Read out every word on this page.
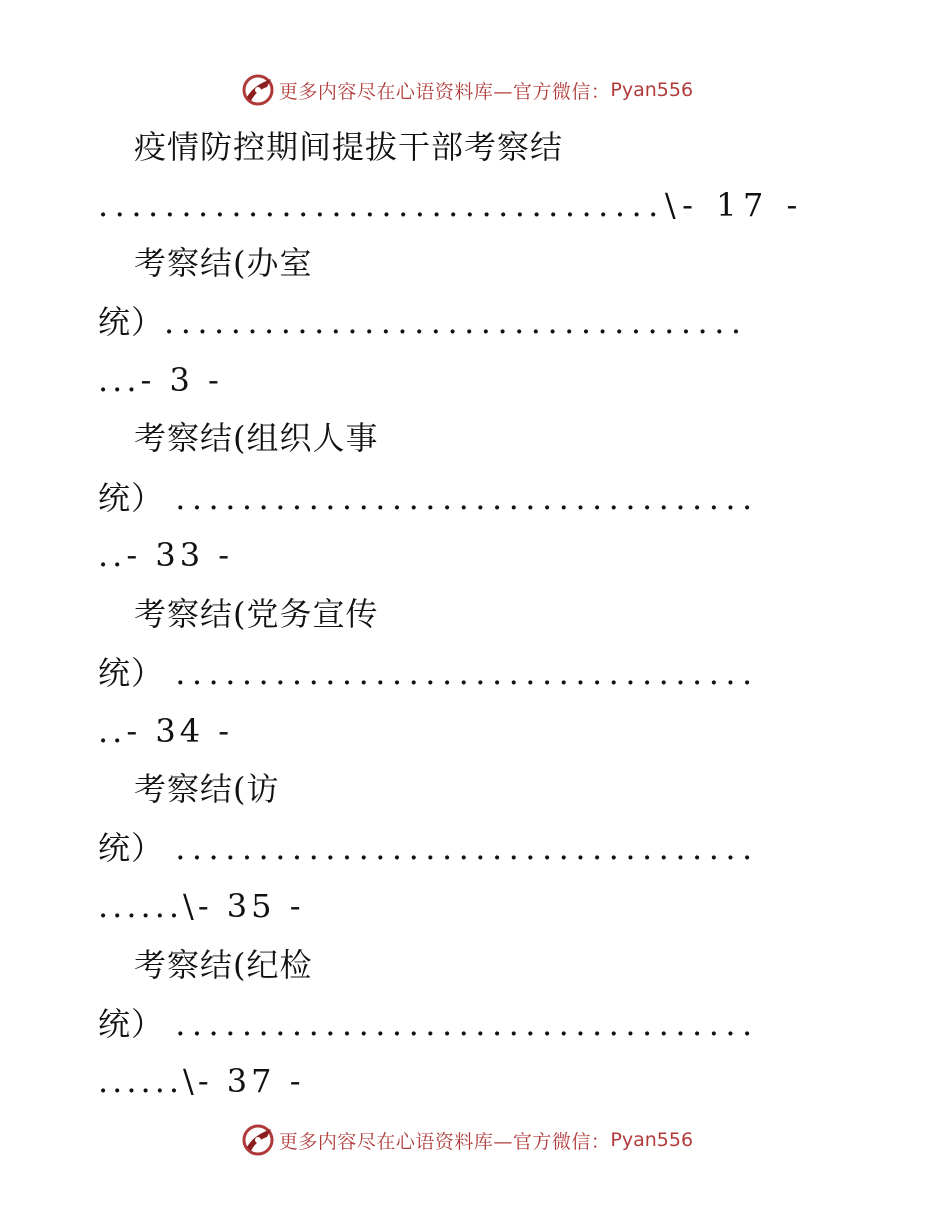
更多内容尽在心语资料库—官方微信： Pyan556
疫情防控期间提拔干部考察结
..................................\- 17 -
考察结(办室
统）...................................
...- 3 -
考察结(组织人事
统） ...................................
..- 33 -
考察结(党务宣传
统） ...................................
..- 34 -
考察结(访
统） ...................................
......\- 35 -
考察结(纪检
统） ...................................
......\- 37 -
更多内容尽在心语资料库—官方微信： Pyan556
